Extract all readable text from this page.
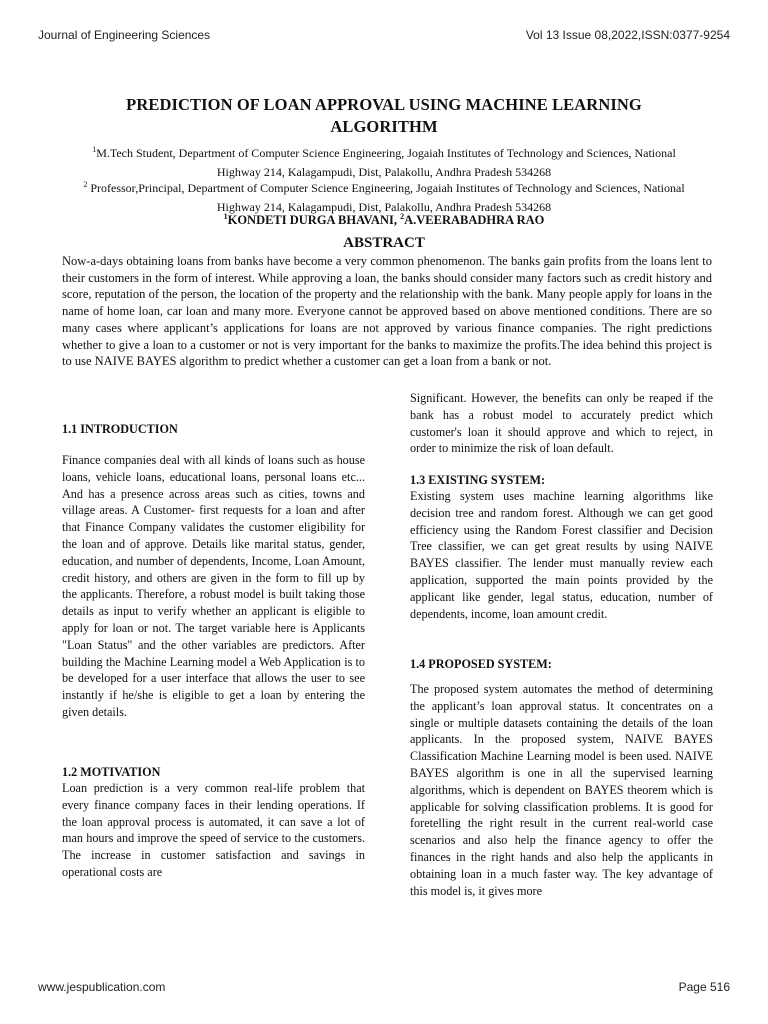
Journal of Engineering Sciences	Vol 13 Issue 08,2022,ISSN:0377-9254
PREDICTION OF LOAN APPROVAL USING MACHINE LEARNING
ALGORITHM
$^1$M.Tech Student, Department of Computer Science Engineering, Jogaiah Institutes of Technology and Sciences, National
Highway 214, Kalagampudi, Dist, Palakollu, Andhra Pradesh 534268
$^2$ Professor,Principal, Department of Computer Science Engineering, Jogaiah Institutes of Technology and Sciences, National
Highway 214, Kalagampudi, Dist, Palakollu, Andhra Pradesh 534268
$^1$KONDETI DURGA BHAVANI, $^2$A.VEERABADHRA RAO
ABSTRACT
Now-a-days obtaining loans from banks have become a very common phenomenon. The banks gain profits from the loans lent to their customers in the form of interest. While approving a loan, the banks should consider many factors such as credit history and score, reputation of the person, the location of the property and the relationship with the bank. Many people apply for loans in the name of home loan, car loan and many more. Everyone cannot be approved based on above mentioned conditions. There are so many cases where applicant’s applications for loans are not approved by various finance companies. The right predictions whether to give a loan to a customer or not is very important for the banks to maximize the profits.The idea behind this project is to use NAIVE BAYES algorithm to predict whether a customer can get a loan from a bank or not.
1.1 INTRODUCTION

Finance companies deal with all kinds of loans such as house loans, vehicle loans, educational loans, personal loans etc... And has a presence across areas such as cities, towns and village areas. A Customer- first requests for a loan and after that Finance Company validates the customer eligibility for the loan and of approve. Details like marital status, gender, education, and number of dependents, Income, Loan Amount, credit history, and others are given in the form to fill up by the applicants. Therefore, a robust model is built taking those details as input to verify whether an applicant is eligible to apply for loan or not. The target variable here is Applicants "Loan Status" and the other variables are predictors. After building the Machine Learning model a Web Application is to be developed for a user interface that allows the user to see instantly if he/she is eligible to get a loan by entering the given details.

1.2 MOTIVATION

Loan prediction is a very common real-life problem that every finance company faces in their lending operations. If the loan approval process is automated, it can save a lot of man hours and improve the speed of service to the customers. The increase in customer satisfaction and savings in operational costs are

Significant. However, the benefits can only be reaped if the bank has a robust model to accurately predict which customer's loan it should approve and which to reject, in order to minimize the risk of loan default.

1.3 EXISTING SYSTEM:

Existing system uses machine learning algorithms like decision tree and random forest. Although we can get good efficiency using the Random Forest classifier and Decision Tree classifier, we can get great results by using NAIVE BAYES classifier. The lender must manually review each application, supported the main points provided by the applicant like gender, legal status, education, number of dependents, income, loan amount credit.

1.4 PROPOSED SYSTEM:

The proposed system automates the method of determining the applicant’s loan approval status. It concentrates on a single or multiple datasets containing the details of the loan applicants. In the proposed system, NAIVE BAYES Classification Machine Learning model is been used. NAIVE BAYES algorithm is one in all the supervised learning algorithms, which is dependent on BAYES theorem which is applicable for solving classification problems. It is good for foretelling the right result in the current real-world case scenarios and also help the finance agency to offer the finances in the right hands and also help the applicants in obtaining loan in a much faster way. The key advantage of this model is, it gives more

www.jespublication.com	Page 516
